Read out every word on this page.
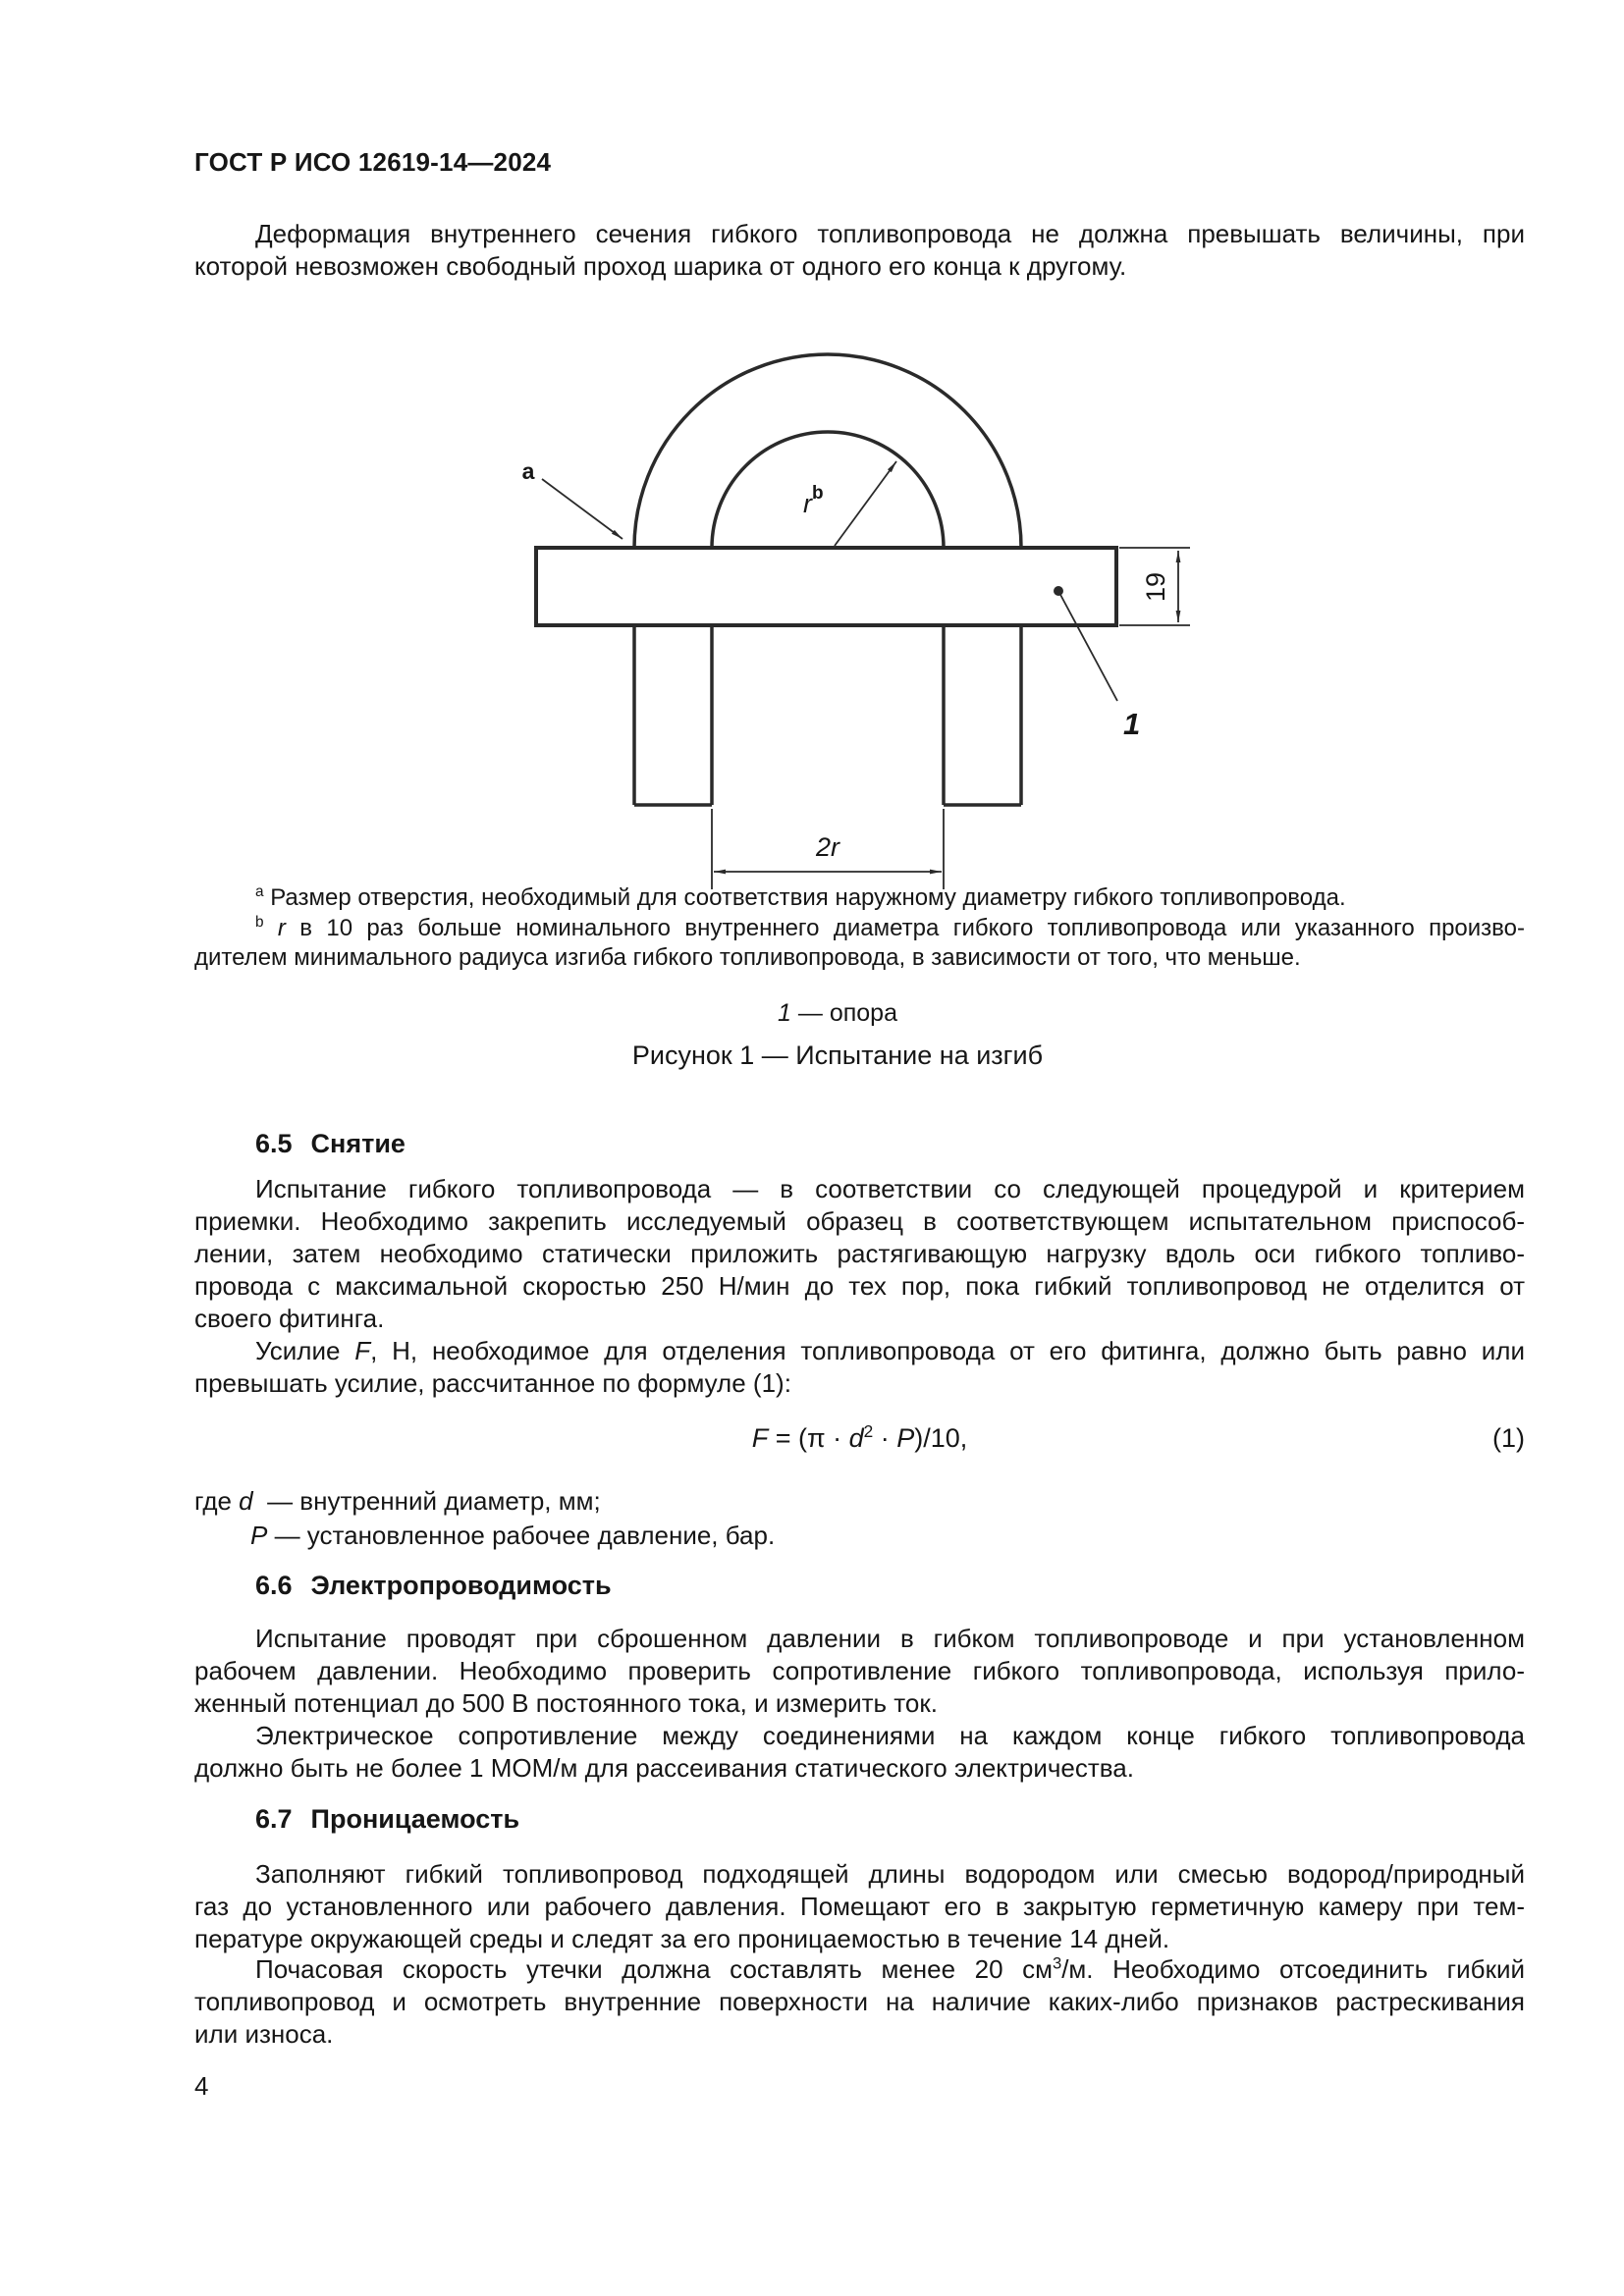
ГОСТ Р ИСО 12619-14—2024
Деформация внутреннего сечения гибкого топливопровода не должна превышать величины, при
которой невозможен свободный проход шарика от одного его конца к другому.
2r
19
a
$r^b$
1
$^a$ Размер отверстия, необходимый для соответствия наружному диаметру гибкого топливопровода.
$^b$ r в 10 раз больше номинального внутреннего диаметра гибкого топливопровода или указанного произво-
дителем минимального радиуса изгиба гибкого топливопровода, в зависимости от того, что меньше.
1 — опора
Рисунок 1 — Испытание на изгиб
6.5 Снятие
Испытание гибкого топливопровода — в соответствии со следующей процедурой и критерием
приемки. Необходимо закрепить исследуемый образец в соответствующем испытательном приспособ-
лении, затем необходимо статически приложить растягивающую нагрузку вдоль оси гибкого топливо-
провода с максимальной скоростью 250 Н/мин до тех пор, пока гибкий топливопровод не отделится от
своего фитинга.
Усилие F, Н, необходимое для отделения топливопровода от его фитинга, должно быть равно или
превышать усилие, рассчитанное по формуле (1):
$F = (\pi \cdot d^2 \cdot P)/10$,	(1)
где d  — внутренний диаметр, мм;
P — установленное рабочее давление, бар.
6.6 Электропроводимость
Испытание проводят при сброшенном давлении в гибком топливопроводе и при установленном
рабочем давлении. Необходимо проверить сопротивление гибкого топливопровода, используя прило-
женный потенциал до 500 В постоянного тока, и измерить ток.
Электрическое сопротивление между соединениями на каждом конце гибкого топливопровода
должно быть не более 1 МОМ/м для рассеивания статического электричества.
6.7 Проницаемость
Заполняют гибкий топливопровод подходящей длины водородом или смесью водород/природный
газ до установленного или рабочего давления. Помещают его в закрытую герметичную камеру при тем-
пературе окружающей среды и следят за его проницаемостью в течение 14 дней.
Почасовая скорость утечки должна составлять менее 20 $см^3/м$. Необходимо отсоединить гибкий
топливопровод и осмотреть внутренние поверхности на наличие каких-либо признаков растрескивания
или износа.
4
